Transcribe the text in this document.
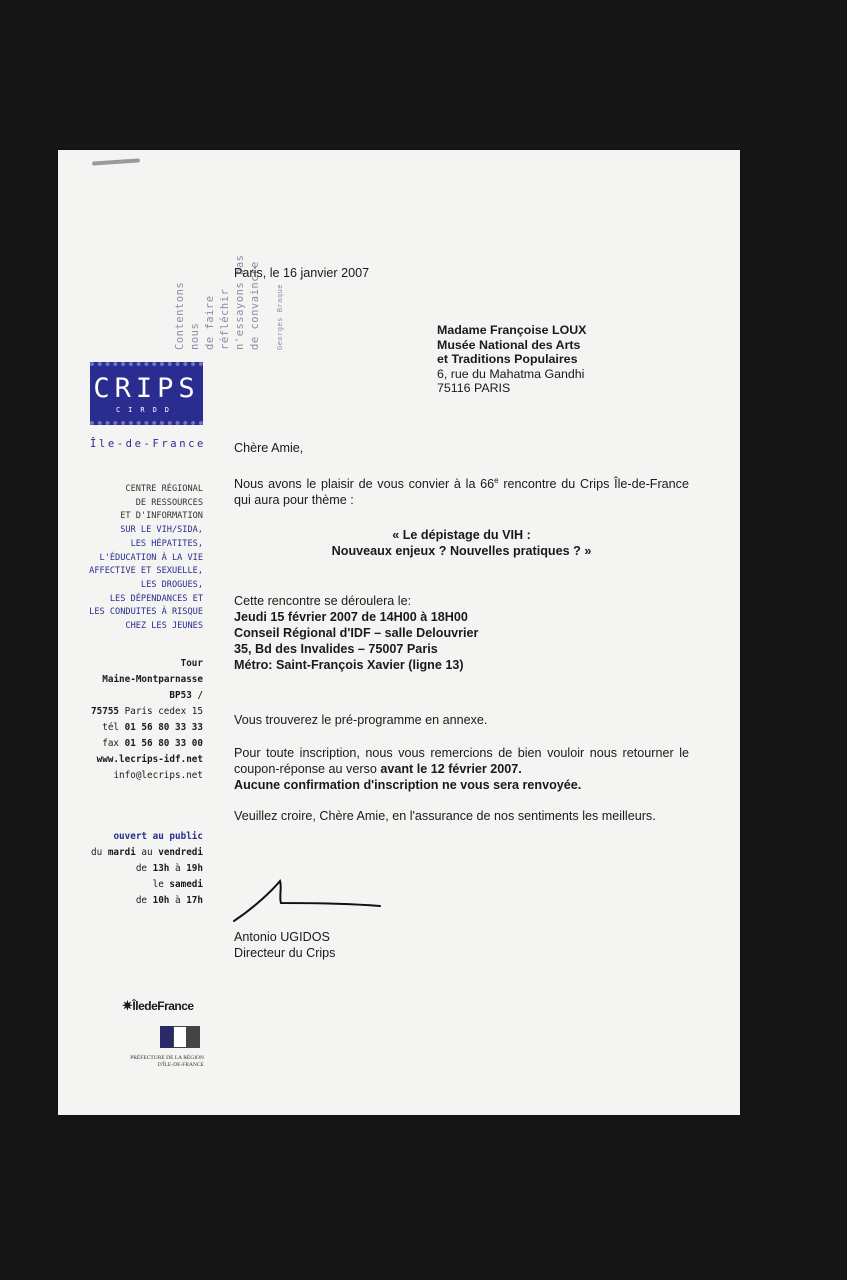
Contentons nous de faire réfléchir n'essayons pas de convaincre Georges Braque
CRIPS
CIRDD
Île-de-France
CENTRE RÉGIONAL
DE RESSOURCES
ET D'INFORMATION
SUR LE VIH/SIDA,
LES HÉPATITES,
L'ÉDUCATION À LA VIE
AFFECTIVE ET SEXUELLE,
LES DROGUES,
LES DÉPENDANCES ET
LES CONDUITES À RISQUE
CHEZ LES JEUNES
Tour
Maine-Montparnasse
BP53 /
75755 Paris cedex 15
tél 01 56 80 33 33
fax 01 56 80 33 00
www.lecrips-idf.net
info@lecrips.net
ouvert au public
du mardi au vendredi
de 13h à 19h
le samedi
de 10h à 17h
✷ÎledeFrance
PRÉFECTURE DE LA RÉGION
D'ÎLE-DE-FRANCE
Paris, le 16 janvier 2007
Madame Françoise LOUX
Musée National des Arts
et Traditions Populaires
6, rue du Mahatma Gandhi
75116 PARIS
Chère Amie,
Nous avons le plaisir de vous convier à la 66e rencontre du Crips Île-de-France qui aura pour thème :
« Le dépistage du VIH :
Nouveaux enjeux ? Nouvelles pratiques ? »
Cette rencontre se déroulera le:
Jeudi 15 février 2007 de 14H00 à 18H00
Conseil Régional d'IDF – salle Delouvrier
35, Bd des Invalides – 75007 Paris
Métro: Saint-François Xavier (ligne 13)
Vous trouverez le pré-programme en annexe.
Pour toute inscription, nous vous remercions de bien vouloir nous retourner le coupon-réponse au verso avant le 12 février 2007.
Aucune confirmation d'inscription ne vous sera renvoyée.
Veuillez croire, Chère Amie, en l'assurance de nos sentiments les meilleurs.
Antonio UGIDOS
Directeur du Crips
